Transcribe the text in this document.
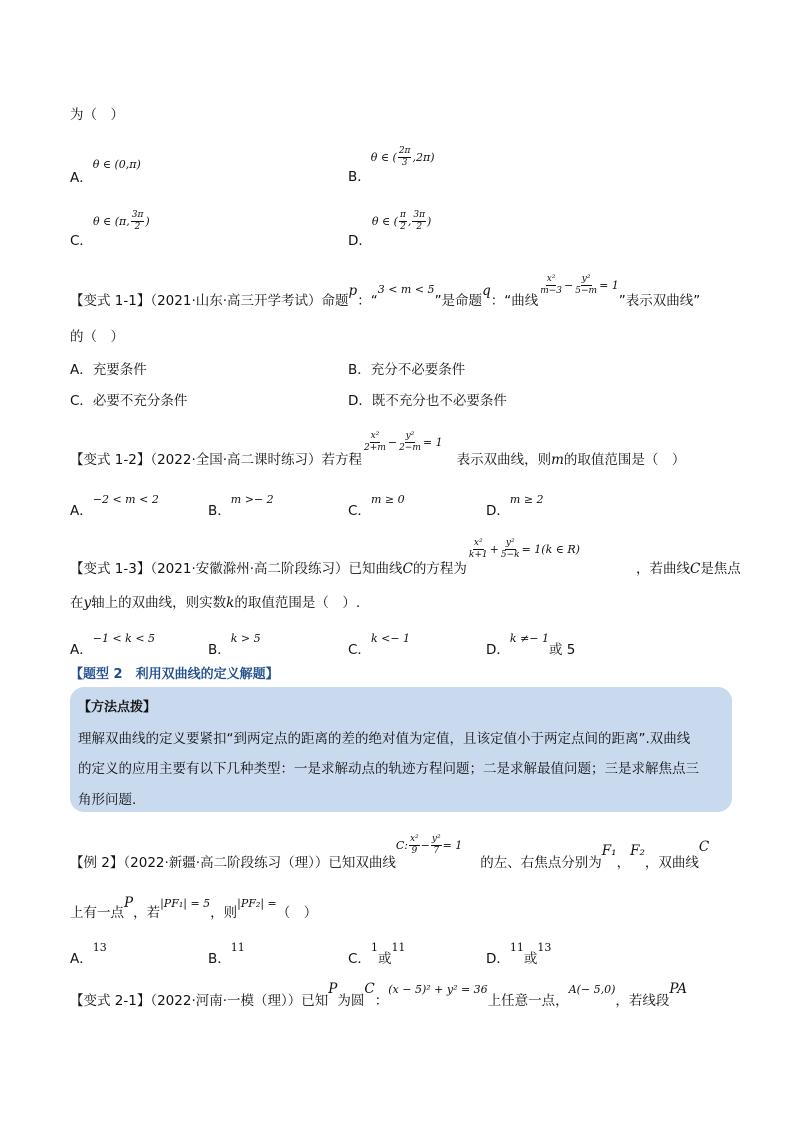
为（　）
A．θ ∈ (0,π)
B．θ ∈ ( $\frac{2\pi}{3} ,2\pi$)
C．θ ∈ (π, $\frac{3\pi}{2}$ )
D．θ ∈ ( $\frac{\pi}{2}$ , $\frac{3\pi}{2}$ )
【变式 1-1】（2021·山东·高三开学考试）命题p：“$_{3 < m < 5}$”是命题q：“曲线
$\frac{\text{x²}}{m-3} - \frac{\text{y²}}{5-m} = 1$”表示双曲线”
的（　）
A．充要条件	B．充分不必要条件
C．必要不充分条件	D．既不充分也不必要条件
【变式 1-2】（2022·全国·高二课时练习）若方程
$\frac{\text{x²}}{2+m} - \frac{\text{y²}}{2-m} = 1$表示双曲线，则m的取值范围是（　）
A．−2 < m < 2
B．m >− 2
C．m ≥ 0
D．m ≥ 2
【变式 1-3】（2021·安徽滁州·高二阶段练习）已知曲线C的方程为
$\frac{\text{x²}}{k+1} + \frac{\text{y²}}{5-k} = 1(k$ ∈ R)，若曲线C是焦点
在y轴上的双曲线，则实数k的取值范围是（　）.
A．−1 < k < 5
B．k > 5
C．k <− 1
D．k ≠− 1或 5
【题型 2　利用双曲线的定义解题】
【方法点拨】
理解双曲线的定义要紧扣“到两定点的距离的差的绝对值为定值，且该定值小于两定点间的距离”.双曲线
的定义的应用主要有以下几种类型：一是求解动点的轨迹方程问题；二是求解最值问题；三是求解焦点三
角形问题.
【例 2】（2022·新疆·高二阶段练习（理））已知双曲线C: $\frac{\text{x²}}{9} - \frac{\text{y²}}{7} = 1$的左、右焦点分别为F₁，F₂，双曲线C
上有一点P，若|PF₁| = 5，则|PF₂| =（　）
A．13
B．11
C．1或11
D．11或13
【变式 2-1】（2022·河南·一模（理））已知P为圆C：(x − 5)² + y² = 36上任意一点，A(− 5,0)，若线段PA
